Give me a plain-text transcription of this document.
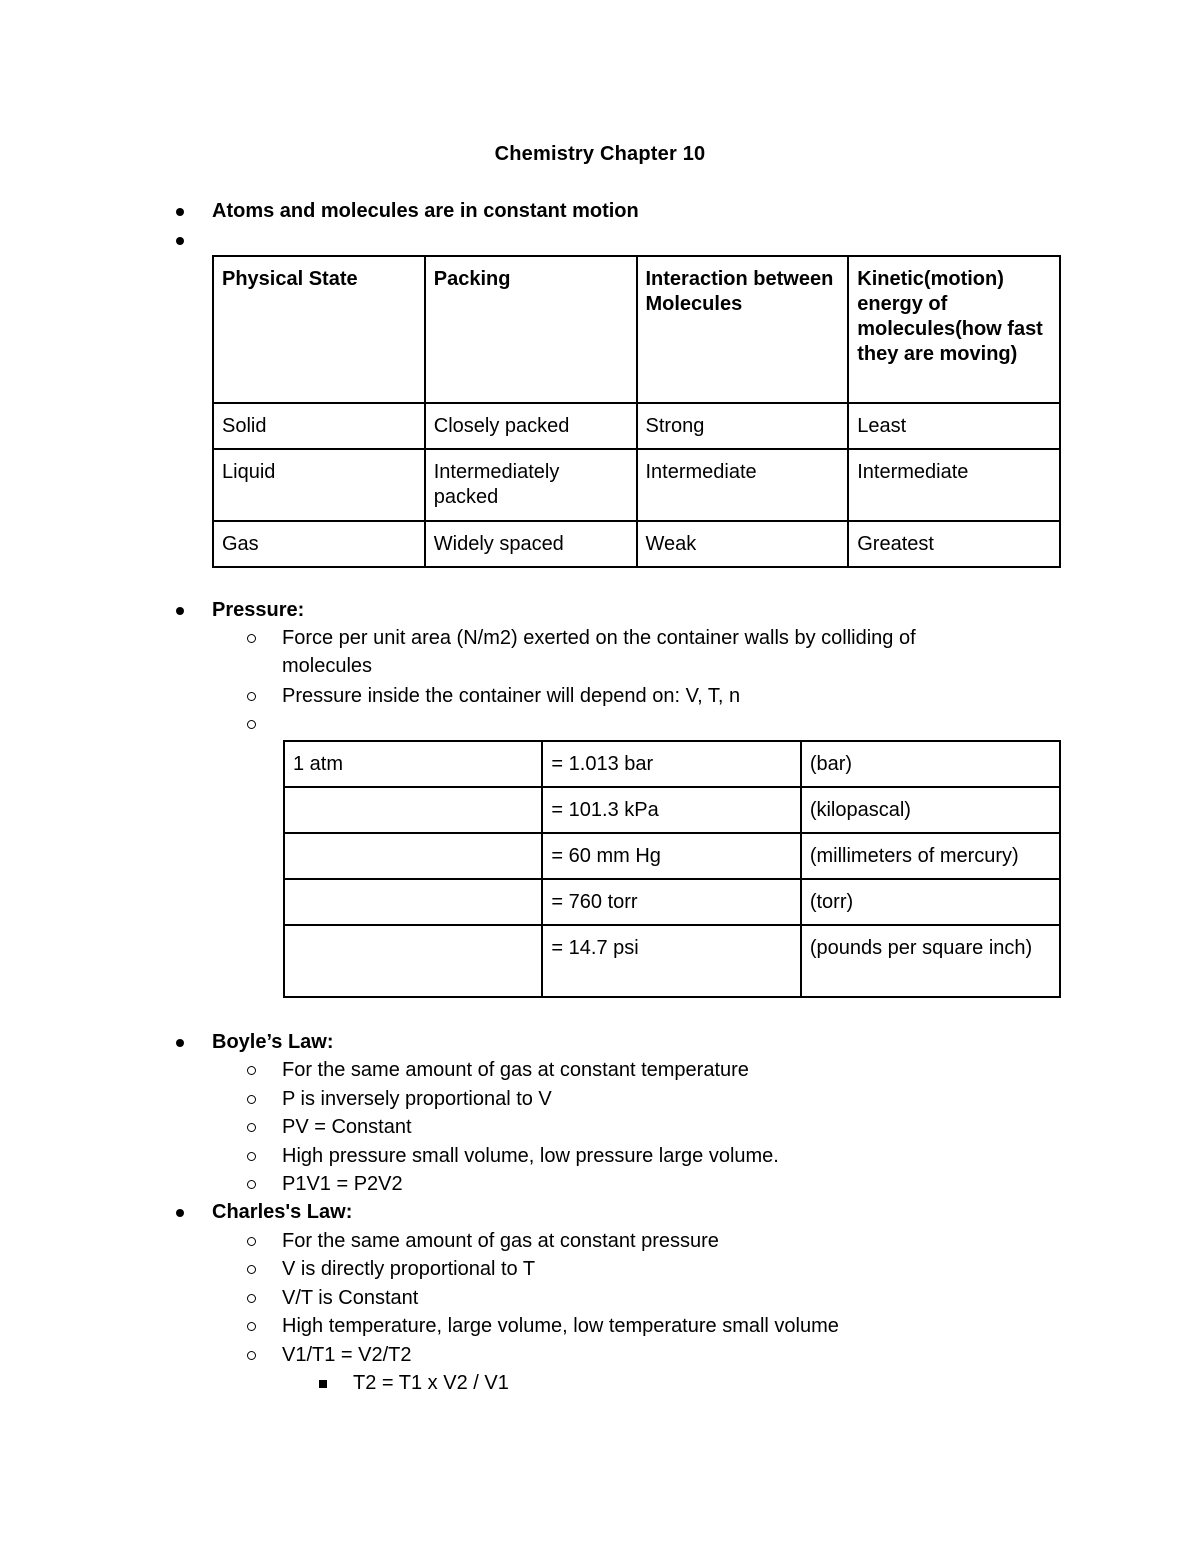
Chemistry Chapter 10
Atoms and molecules are in constant motion
Physical State	Packing	Interaction between Molecules	Kinetic(motion) energy of molecules(how fast they are moving)
Solid	Closely packed	Strong	Least
Liquid	Intermediately packed	Intermediate	Intermediate
Gas	Widely spaced	Weak	Greatest
Pressure:
Force per unit area (N/m2) exerted on the container walls by colliding of molecules
Pressure inside the container will depend on: V, T, n
1 atm	= 1.013 bar	(bar)
	= 101.3 kPa	(kilopascal)
	= 60 mm Hg	(millimeters of mercury)
	= 760 torr	(torr)
	= 14.7 psi	(pounds per square inch)
Boyle’s Law:
For the same amount of gas at constant temperature
P is inversely proportional to V
PV = Constant
High pressure small volume, low pressure large volume.
P1V1 = P2V2
Charles's Law:
For the same amount of gas at constant pressure
V is directly proportional to T
V/T is Constant
High temperature, large volume, low temperature small volume
V1/T1 = V2/T2
T2 = T1 x V2 / V1
